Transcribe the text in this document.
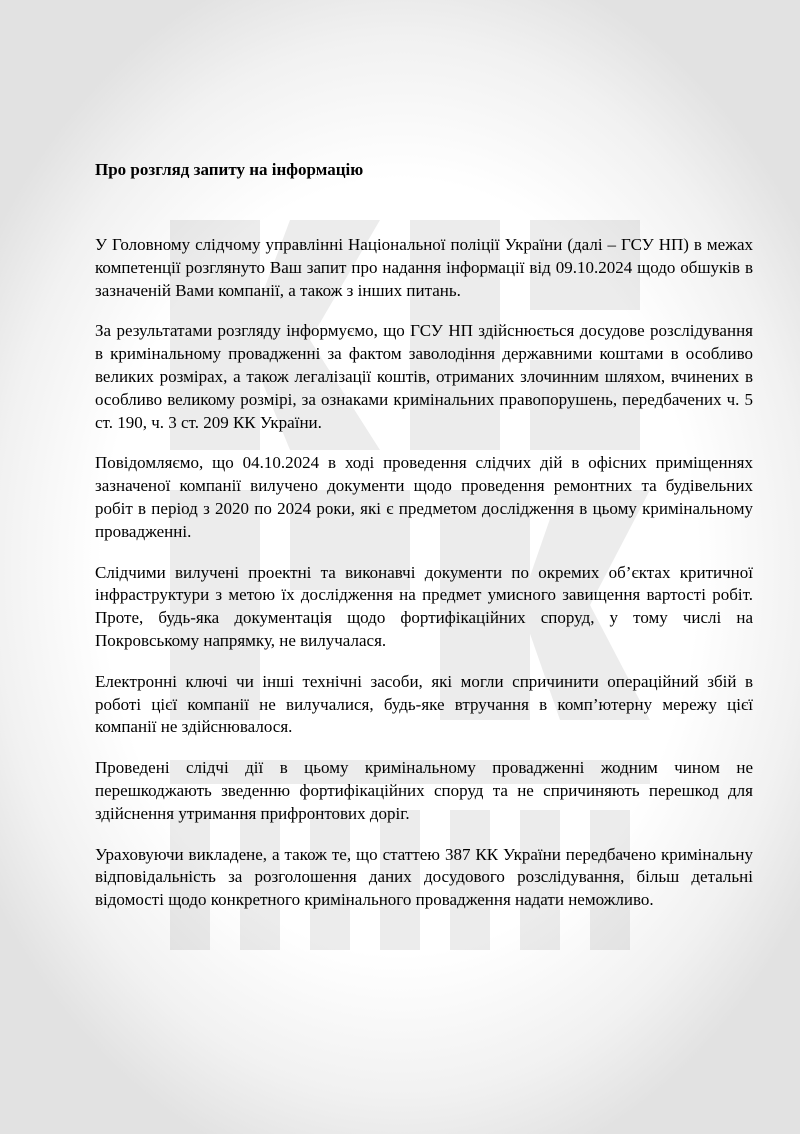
Про розгляд запиту на інформацію

У Головному слідчому управлінні Національної поліції України (далі – ГСУ НП) в межах компетенції розглянуто Ваш запит про надання інформації від 09.10.2024 щодо обшуків в зазначеній Вами компанії, а також з інших питань.

За результатами розгляду інформуємо, що ГСУ НП здійснюється досудове розслідування в кримінальному провадженні за фактом заволодіння державними коштами в особливо великих розмірах, а також легалізації коштів, отриманих злочинним шляхом, вчинених в особливо великому розмірі, за ознаками кримінальних правопорушень, передбачених ч. 5 ст. 190, ч. 3 ст. 209 КК України.

Повідомляємо, що 04.10.2024 в ході проведення слідчих дій в офісних приміщеннях зазначеної компанії вилучено документи щодо проведення ремонтних та будівельних робіт в період з 2020 по 2024 роки, які є предметом дослідження в цьому кримінальному провадженні.

Слідчими вилучені проектні та виконавчі документи по окремих об’єктах критичної інфраструктури з метою їх дослідження на предмет умисного завищення вартості робіт. Проте, будь-яка документація щодо фортифікаційних споруд, у тому числі на Покровському напрямку, не вилучалася.

Електронні ключі чи інші технічні засоби, які могли спричинити операційний збій в роботі цієї компанії не вилучалися, будь-яке втручання в комп’ютерну мережу цієї компанії не здійснювалося.

Проведені слідчі дії в цьому кримінальному провадженні жодним чином не перешкоджають зведенню фортифікаційних споруд та не спричиняють перешкод для здійснення утримання прифронтових доріг.

Ураховуючи викладене, а також те, що статтею 387 КК України передбачено кримінальну відповідальність за розголошення даних досудового розслідування, більш детальні відомості щодо конкретного кримінального провадження надати неможливо.
